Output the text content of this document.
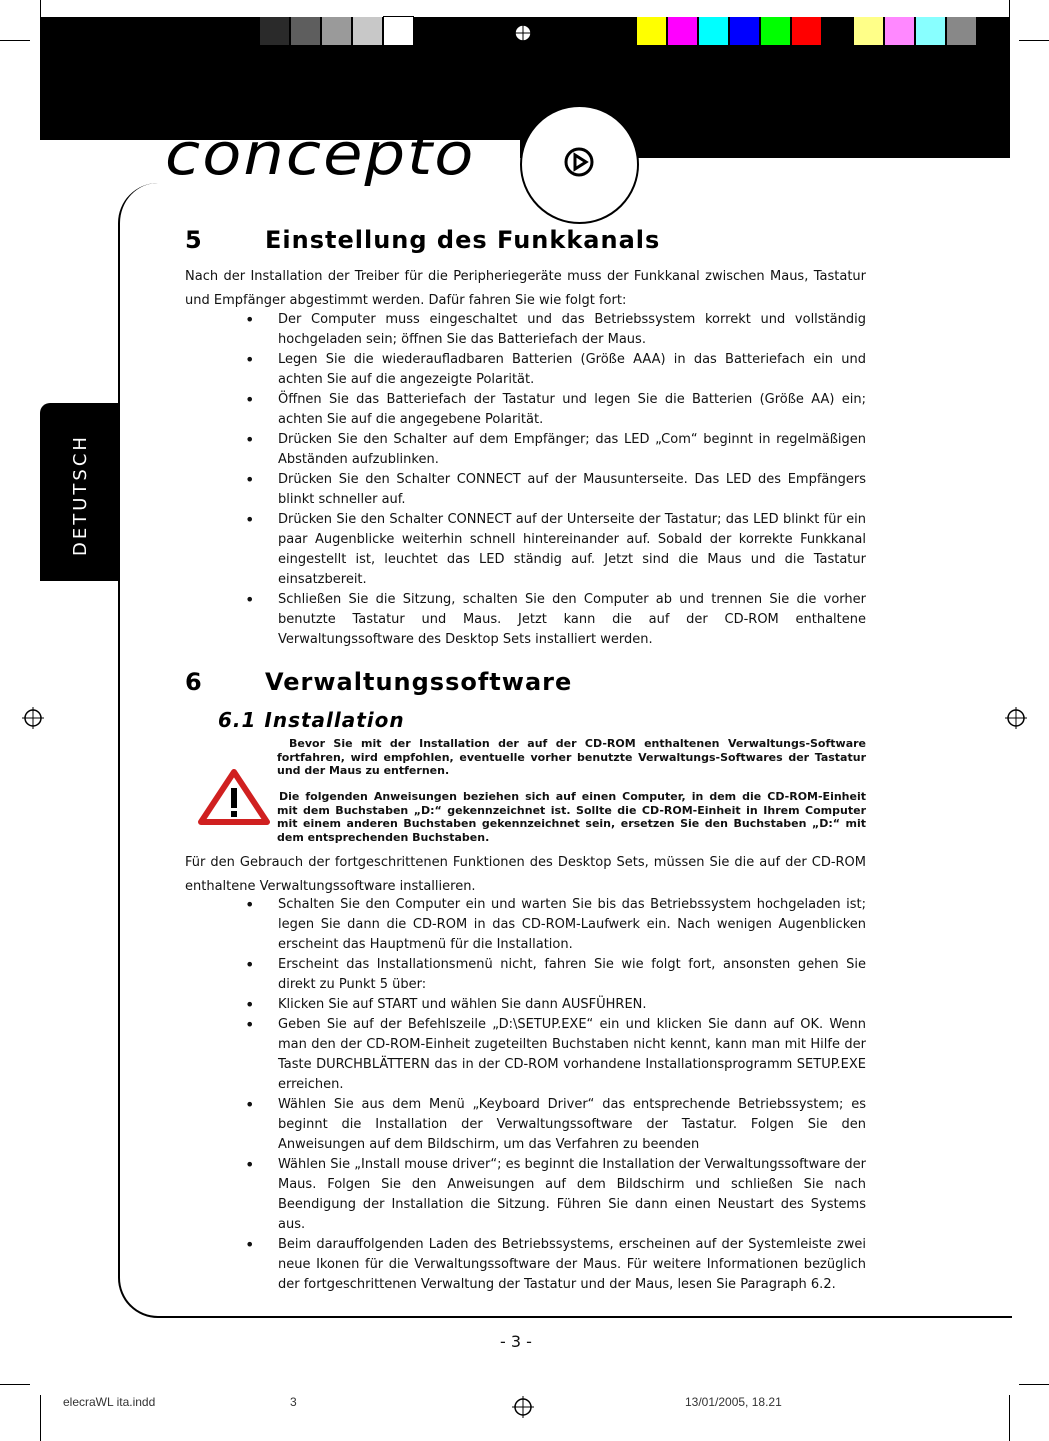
concepto
DETUTSCH
5	Einstellung des Funkkanals

Nach der Installation der Treiber für die Peripheriegeräte muss der Funkkanal zwischen Maus, Tastatur und Empfänger abgestimmt werden. Dafür fahren Sie wie folgt fort:

• Der Computer muss eingeschaltet und das Betriebssystem korrekt und vollständig hochgeladen sein; öffnen Sie das Batteriefach der Maus.
• Legen Sie die wiederaufladbaren Batterien (Größe AAA) in das Batteriefach ein und achten Sie auf die angezeigte Polarität.
• Öffnen Sie das Batteriefach der Tastatur und legen Sie die Batterien (Größe AA) ein; achten Sie auf die angegebene Polarität.
• Drücken Sie den Schalter auf dem Empfänger; das LED „Com“ beginnt in regelmäßigen Abständen aufzublinken.
• Drücken Sie den Schalter CONNECT auf der Mausunterseite. Das LED des Empfängers blinkt schneller auf.
• Drücken Sie den Schalter CONNECT auf der Unterseite der Tastatur; das LED blinkt für ein paar Augenblicke weiterhin schnell hintereinander auf. Sobald der korrekte Funkkanal eingestellt ist, leuchtet das LED ständig auf. Jetzt sind die Maus und die Tastatur einsatzbereit.
• Schließen Sie die Sitzung, schalten Sie den Computer ab und trennen Sie die vorher benutzte Tastatur und Maus. Jetzt kann die auf der CD-ROM enthaltene Verwaltungssoftware des Desktop Sets installiert werden.
6	Verwaltungssoftware
6.1 Installation

Bevor Sie mit der Installation der auf der CD-ROM enthaltenen Verwaltungs-Software fortfahren, wird empfohlen, eventuelle vorher benutzte Verwaltungs-Softwares der Tastatur und der Maus zu entfernen.

Die folgenden Anweisungen beziehen sich auf einen Computer, in dem die CD-ROM-Einheit mit dem Buchstaben „D:“ gekennzeichnet ist. Sollte die CD-ROM-Einheit in Ihrem Computer mit einem anderen Buchstaben gekennzeichnet sein, ersetzen Sie den Buchstaben „D:“ mit dem entsprechenden Buchstaben.

Für den Gebrauch der fortgeschrittenen Funktionen des Desktop Sets, müssen Sie die auf der CD-ROM enthaltene Verwaltungssoftware installieren.

• Schalten Sie den Computer ein und warten Sie bis das Betriebssystem hochgeladen ist; legen Sie dann die CD-ROM in das CD-ROM-Laufwerk ein. Nach wenigen Augenblicken erscheint das Hauptmenü für die Installation.
• Erscheint das Installationsmenü nicht, fahren Sie wie folgt fort, ansonsten gehen Sie direkt zu Punkt 5 über:
• Klicken Sie auf START und wählen Sie dann AUSFÜHREN.
• Geben Sie auf der Befehlszeile „D:\SETUP.EXE“ ein und klicken Sie dann auf OK. Wenn man den der CD-ROM-Einheit zugeteilten Buchstaben nicht kennt, kann man mit Hilfe der Taste DURCHBLÄTTERN das in der CD-ROM vorhandene Installationsprogramm SETUP.EXE erreichen.
• Wählen Sie aus dem Menü „Keyboard Driver“ das entsprechende Betriebssystem; es beginnt die Installation der Verwaltungssoftware der Tastatur. Folgen Sie den Anweisungen auf dem Bildschirm, um das Verfahren zu beenden
• Wählen Sie „Install mouse driver“; es beginnt die Installation der Verwaltungssoftware der Maus. Folgen Sie den Anweisungen auf dem Bildschirm und schließen Sie nach Beendigung der Installation die Sitzung. Führen Sie dann einen Neustart des Systems aus.
• Beim darauffolgenden Laden des Betriebssystems, erscheinen auf der Systemleiste zwei neue Ikonen für die Verwaltungssoftware der Maus. Für weitere Informationen bezüglich der fortgeschrittenen Verwaltung der Tastatur und der Maus, lesen Sie Paragraph 6.2.
- 3 -
elecraWL ita.indd	3	13/01/2005, 18.21
